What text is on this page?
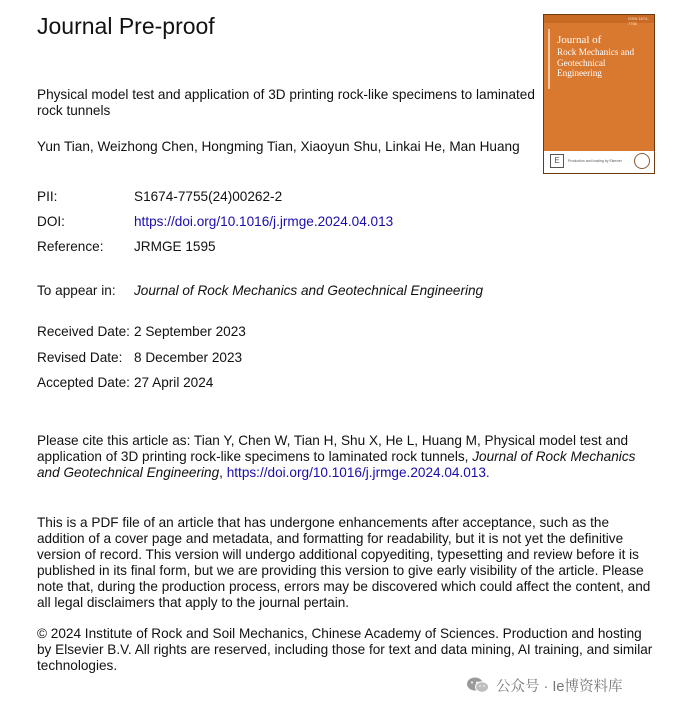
Journal Pre-proof
Physical model test and application of 3D printing rock-like specimens to laminated rock tunnels
Yun Tian, Weizhong Chen, Hongming Tian, Xiaoyun Shu, Linkai He, Man Huang
ISSN 1674-7755
Journal of
Rock Mechanics and
Geotechnical
Engineering
E	Production and hosting by Elsevier
PII:	S1674-7755(24)00262-2
DOI:	https://doi.org/10.1016/j.jrmge.2024.04.013
Reference: JRMGE 1595
To appear in: Journal of Rock Mechanics and Geotechnical Engineering
Received Date: 2 September 2023
Revised Date: 8 December 2023
Accepted Date: 27 April 2024
Please cite this article as: Tian Y, Chen W, Tian H, Shu X, He L, Huang M, Physical model test and application of 3D printing rock-like specimens to laminated rock tunnels, Journal of Rock Mechanics and Geotechnical Engineering, https://doi.org/10.1016/j.jrmge.2024.04.013.
This is a PDF file of an article that has undergone enhancements after acceptance, such as the addition of a cover page and metadata, and formatting for readability, but it is not yet the definitive version of record. This version will undergo additional copyediting, typesetting and review before it is published in its final form, but we are providing this version to give early visibility of the article. Please note that, during the production process, errors may be discovered which could affect the content, and all legal disclaimers that apply to the journal pertain.
© 2024 Institute of Rock and Soil Mechanics, Chinese Academy of Sciences. Production and hosting by Elsevier B.V. All rights are reserved, including those for text and data mining, AI training, and similar technologies.
公众号 · Ie博资料库
